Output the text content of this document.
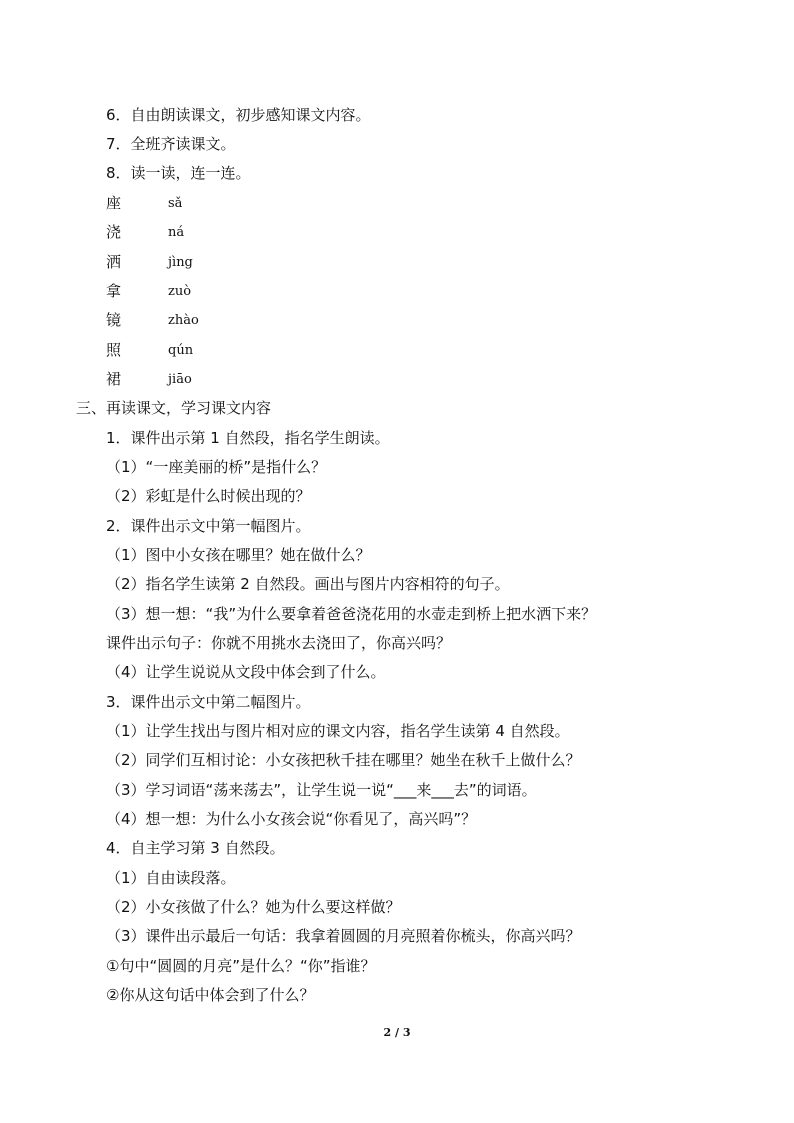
6．自由朗读课文，初步感知课文内容。
7．全班齐读课文。
8．读一读，连一连。
座	sǎ
浇	ná
洒	jìng
拿	zuò
镜	zhào
照	qún
裙	jiāo
三、再读课文，学习课文内容
1．课件出示第 1 自然段，指名学生朗读。
（1）“一座美丽的桥”是指什么？
（2）彩虹是什么时候出现的？
2．课件出示文中第一幅图片。
（1）图中小女孩在哪里？她在做什么？
（2）指名学生读第 2 自然段。画出与图片内容相符的句子。
（3）想一想：“我”为什么要拿着爸爸浇花用的水壶走到桥上把水洒下来？
课件出示句子：你就不用挑水去浇田了，你高兴吗？
（4）让学生说说从文段中体会到了什么。
3．课件出示文中第二幅图片。
（1）让学生找出与图片相对应的课文内容，指名学生读第 4 自然段。
（2）同学们互相讨论：小女孩把秋千挂在哪里？她坐在秋千上做什么？
（3）学习词语“荡来荡去”，让学生说一说“___来___去”的词语。
（4）想一想：为什么小女孩会说“你看见了，高兴吗”？
4．自主学习第 3 自然段。
（1）自由读段落。
（2）小女孩做了什么？她为什么要这样做？
（3）课件出示最后一句话：我拿着圆圆的月亮照着你梳头，你高兴吗？
①句中“圆圆的月亮”是什么？“你”指谁？
②你从这句话中体会到了什么？
2 / 3
